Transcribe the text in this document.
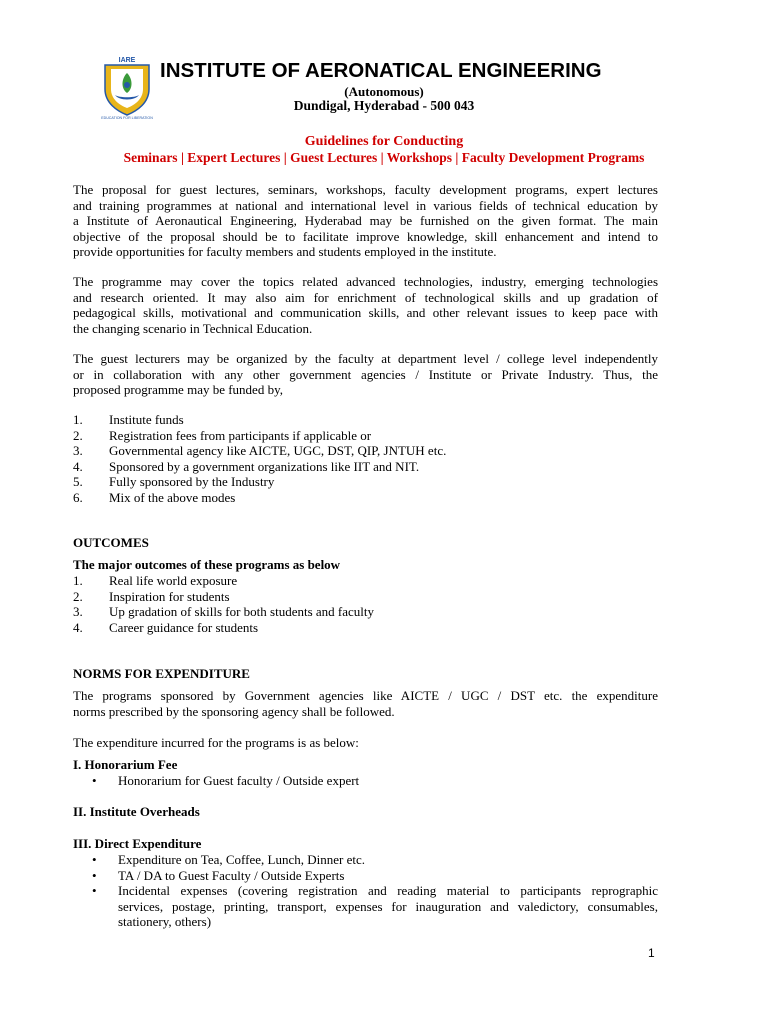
IARE
EDUCATION FOR LIBERATION
INSTITUTE OF AERONATICAL ENGINEERING
(Autonomous)
Dundigal, Hyderabad - 500 043
Guidelines for Conducting
Seminars | Expert Lectures | Guest Lectures | Workshops | Faculty Development Programs

The proposal for guest lectures, seminars, workshops, faculty development programs, expert lectures
and training programmes at national and international level in various fields of technical education by
a Institute of Aeronautical Engineering, Hyderabad may be furnished on the given format. The main
objective of the proposal should be to facilitate improve knowledge, skill enhancement and intend to
provide opportunities for faculty members and students employed in the institute.

The programme may cover the topics related advanced technologies, industry, emerging technologies
and research oriented. It may also aim for enrichment of technological skills and up gradation of
pedagogical skills, motivational and communication skills, and other relevant issues to keep pace with
the changing scenario in Technical Education.

The guest lecturers may be organized by the faculty at department level / college level independently
or in collaboration with any other government agencies / Institute or Private Industry. Thus, the
proposed programme may be funded by,

1. Institute funds
2. Registration fees from participants if applicable or
3. Governmental agency like AICTE, UGC, DST, QIP, JNTUH etc.
4. Sponsored by a government organizations like IIT and NIT.
5. Fully sponsored by the Industry
6. Mix of the above modes
OUTCOMES
The major outcomes of these programs as below
1. Real life world exposure
2. Inspiration for students
3. Up gradation of skills for both students and faculty
4. Career guidance for students
NORMS FOR EXPENDITURE

The programs sponsored by Government agencies like AICTE / UGC / DST etc. the expenditure
norms prescribed by the sponsoring agency shall be followed.

The expenditure incurred for the programs is as below:

I. Honorarium Fee
• Honorarium for Guest faculty / Outside expert
II. Institute Overheads
III. Direct Expenditure
• Expenditure on Tea, Coffee, Lunch, Dinner etc.
• TA / DA to Guest Faculty / Outside Experts
• Incidental expenses (covering registration and reading material to participants reprographic
services, postage, printing, transport, expenses for inauguration and valedictory, consumables,
stationery, others)
1
